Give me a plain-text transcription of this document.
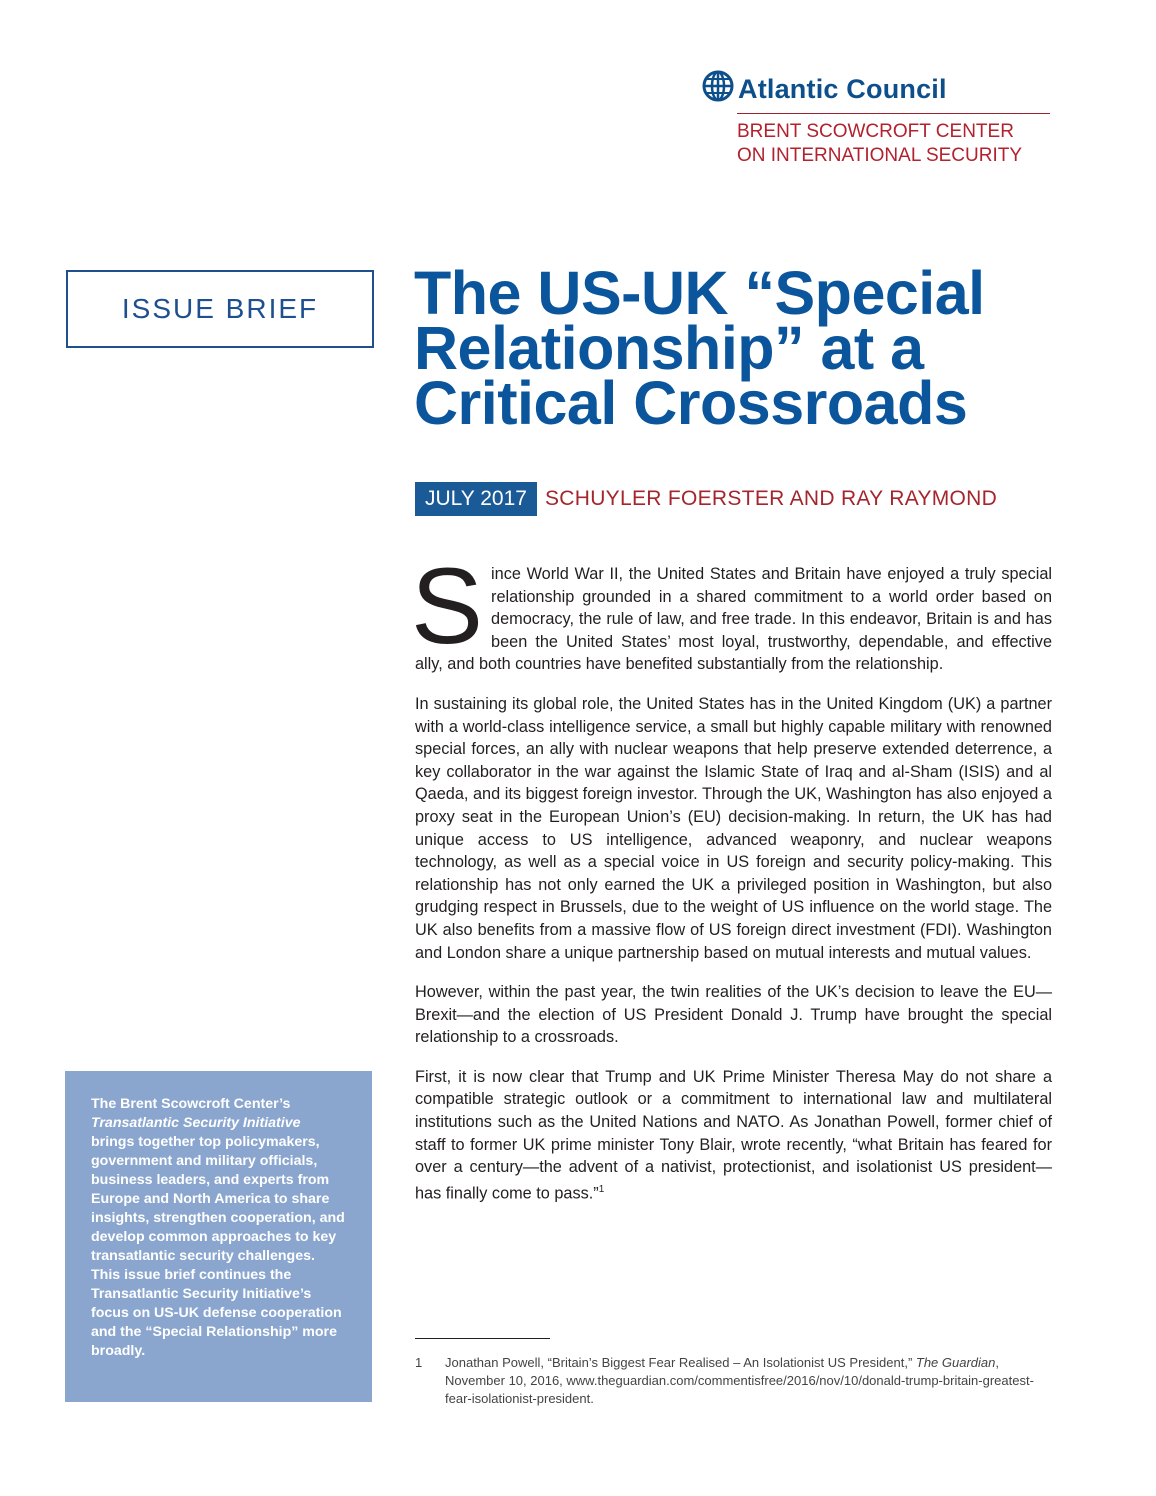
Atlantic Council
BRENT SCOWCROFT CENTER
ON INTERNATIONAL SECURITY
ISSUE BRIEF The US-UK “Special
Relationship” at a
Critical Crossroads
JULY 2017 SCHUYLER FOERSTER AND RAY RAYMOND

Since World War II, the United States and Britain have enjoyed a truly special relationship grounded in a shared commitment to a world order based on democracy, the rule of law, and free trade. In this endeavor, Britain is and has been the United States’ most loyal, trustworthy, dependable, and effective ally, and both countries have benefited substantially from the relationship.

In sustaining its global role, the United States has in the United Kingdom (UK) a partner with a world-class intelligence service, a small but highly capable military with renowned special forces, an ally with nuclear weapons that help preserve extended deterrence, a key collaborator in the war against the Islamic State of Iraq and al-Sham (ISIS) and al Qaeda, and its biggest foreign investor. Through the UK, Washington has also enjoyed a proxy seat in the European Union’s (EU) decision-making. In return, the UK has had unique access to US intelligence, advanced weaponry, and nuclear weapons technology, as well as a special voice in US foreign and security policy-making. This relationship has not only earned the UK a privileged position in Washington, but also grudging respect in Brussels, due to the weight of US influence on the world stage. The UK also benefits from a massive flow of US foreign direct investment (FDI). Washington and London share a unique partnership based on mutual interests and mutual values.

However, within the past year, the twin realities of the UK’s decision to leave the EU—Brexit—and the election of US President Donald J. Trump have brought the special relationship to a crossroads.

First, it is now clear that Trump and UK Prime Minister Theresa May do not share a compatible strategic outlook or a commitment to international law and multilateral institutions such as the United Nations and NATO. As Jonathan Powell, former chief of staff to former UK prime minister Tony Blair, wrote recently, “what Britain has feared for over a century—the advent of a nativist, protectionist, and isolationist US president—has finally come to pass.”$^1$

1	Jonathan Powell, “Britain’s Biggest Fear Realised – An Isolationist US President,” The Guardian, November 10, 2016, www.theguardian.com/commentisfree/2016/nov/10/donald-trump-britain-greatest-fear-isolationist-president.

The Brent Scowcroft Center’s Transatlantic Security Initiative brings together top policymakers, government and military officials, business leaders, and experts from Europe and North America to share insights, strengthen cooperation, and develop common approaches to key transatlantic security challenges. This issue brief continues the Transatlantic Security Initiative’s focus on US-UK defense cooperation and the “Special Relationship” more broadly.
